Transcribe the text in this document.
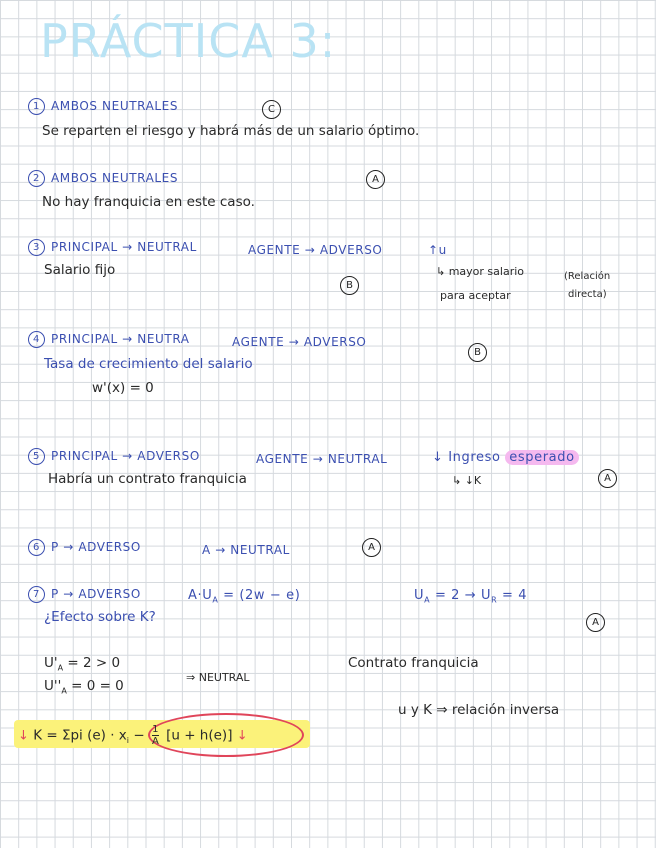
PRÁCTICA 3:
1 AMBOS NEUTRALES	C
Se reparten el riesgo y habrá más de un salario óptimo.
2 AMBOS NEUTRALES	A
No hay franquicia en este caso.
3 PRINCIPAL → NEUTRAL	AGENTE → ADVERSO	↑u
Salario fijo
B
↳ mayor salario
para aceptar
(Relación
directa)
4 PRINCIPAL → NEUTRA	AGENTE → ADVERSO
B
Tasa de crecimiento del salario
w'(x) = 0
5 PRINCIPAL → ADVERSO	AGENTE → NEUTRAL	↓ Ingreso esperado
Habría un contrato franquicia	↳ ↓K	A
6 P → ADVERSO	A → NEUTRAL	A
7 P → ADVERSO	$A\cdot U_A = (2w - e)$	$U_A = 2 \to U_R = 4$
¿Efecto sobre K?	A
$U'_A = 2 > 0$
$U''_A = 0 = 0$
⇒ NEUTRAL
Contrato franquicia
u y K ⇒ relación inversa
↓ K = Σpi $(e) \cdot x_i - \frac{1}{A} [u + h(e)]$ ↓
